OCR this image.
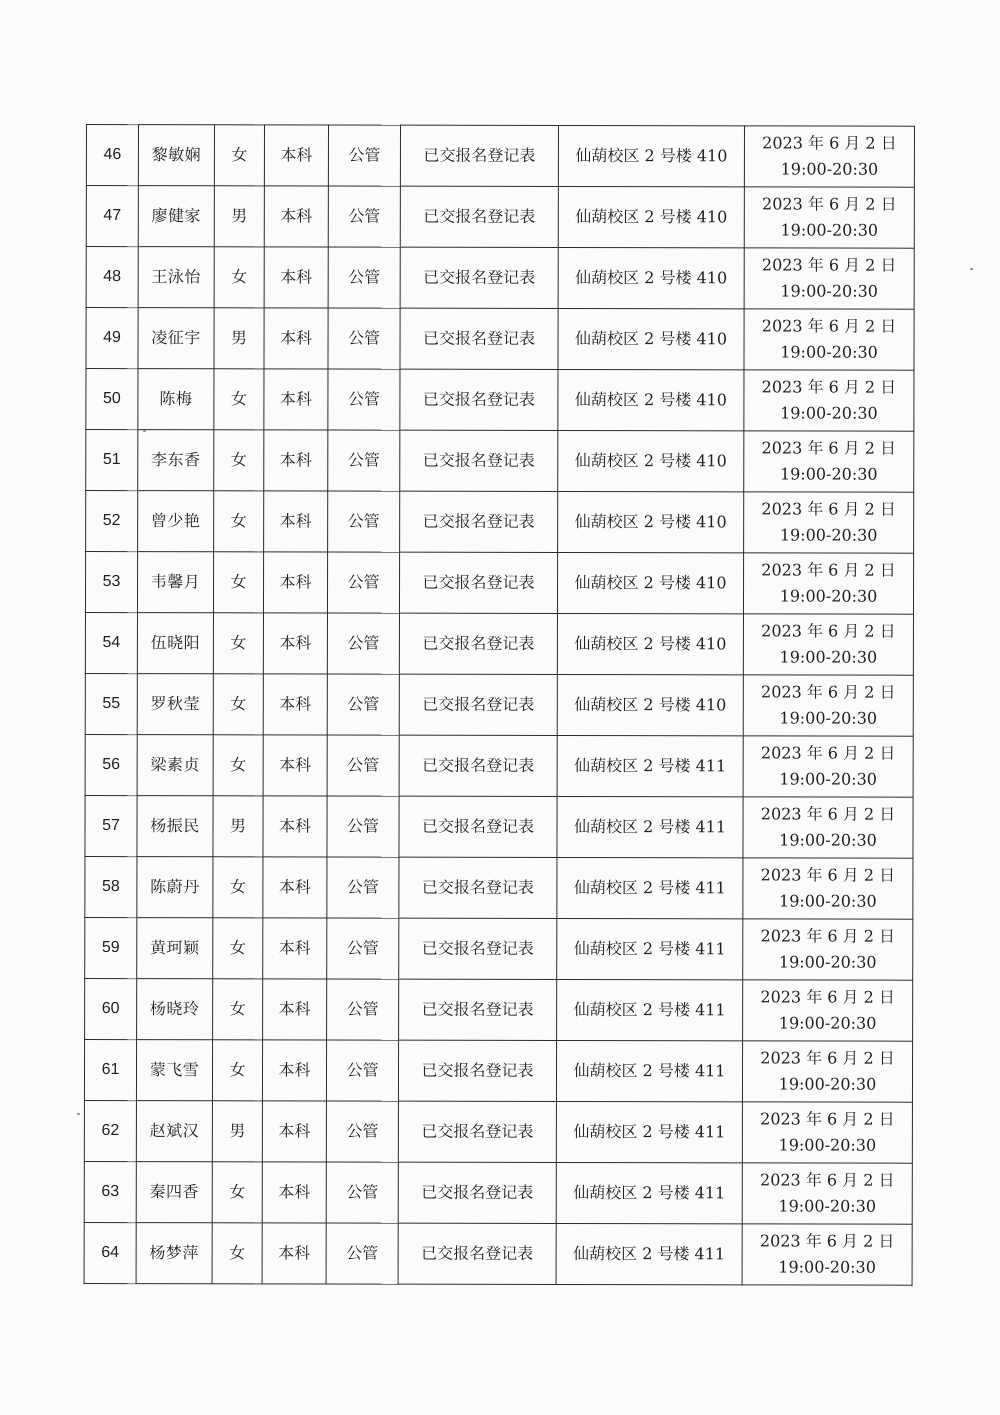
46	黎敏娴	女	本科	公管	已交报名登记表	仙葫校区 2 号楼 410	2023 年 6 月 2 日
19:00-20:30

47	廖健家	男	本科	公管	已交报名登记表	仙葫校区 2 号楼 410	2023 年 6 月 2 日
19:00-20:30

48	王泳怡	女	本科	公管	已交报名登记表	仙葫校区 2 号楼 410	2023 年 6 月 2 日
19:00-20:30

49	凌征宇	男	本科	公管	已交报名登记表	仙葫校区 2 号楼 410	2023 年 6 月 2 日
19:00-20:30

50	陈梅	女	本科	公管	已交报名登记表	仙葫校区 2 号楼 410	2023 年 6 月 2 日
19:00-20:30

51	李东香	女	本科	公管	已交报名登记表	仙葫校区 2 号楼 410	2023 年 6 月 2 日
19:00-20:30

52	曾少艳	女	本科	公管	已交报名登记表	仙葫校区 2 号楼 410	2023 年 6 月 2 日
19:00-20:30

53	韦馨月	女	本科	公管	已交报名登记表	仙葫校区 2 号楼 410	2023 年 6 月 2 日
19:00-20:30

54	伍晓阳	女	本科	公管	已交报名登记表	仙葫校区 2 号楼 410	2023 年 6 月 2 日
19:00-20:30

55	罗秋莹	女	本科	公管	已交报名登记表	仙葫校区 2 号楼 410	2023 年 6 月 2 日
19:00-20:30

56	梁素贞	女	本科	公管	已交报名登记表	仙葫校区 2 号楼 411	2023 年 6 月 2 日
19:00-20:30

57	杨振民	男	本科	公管	已交报名登记表	仙葫校区 2 号楼 411	2023 年 6 月 2 日
19:00-20:30

58	陈蔚丹	女	本科	公管	已交报名登记表	仙葫校区 2 号楼 411	2023 年 6 月 2 日
19:00-20:30

59	黄珂颖	女	本科	公管	已交报名登记表	仙葫校区 2 号楼 411	2023 年 6 月 2 日
19:00-20:30

60	杨晓玲	女	本科	公管	已交报名登记表	仙葫校区 2 号楼 411	2023 年 6 月 2 日
19:00-20:30

61	蒙飞雪	女	本科	公管	已交报名登记表	仙葫校区 2 号楼 411	2023 年 6 月 2 日
19:00-20:30

62	赵斌汉	男	本科	公管	已交报名登记表	仙葫校区 2 号楼 411	2023 年 6 月 2 日
19:00-20:30

63	秦四香	女	本科	公管	已交报名登记表	仙葫校区 2 号楼 411	2023 年 6 月 2 日
19:00-20:30

64	杨梦萍	女	本科	公管	已交报名登记表	仙葫校区 2 号楼 411	2023 年 6 月 2 日
19:00-20:30
